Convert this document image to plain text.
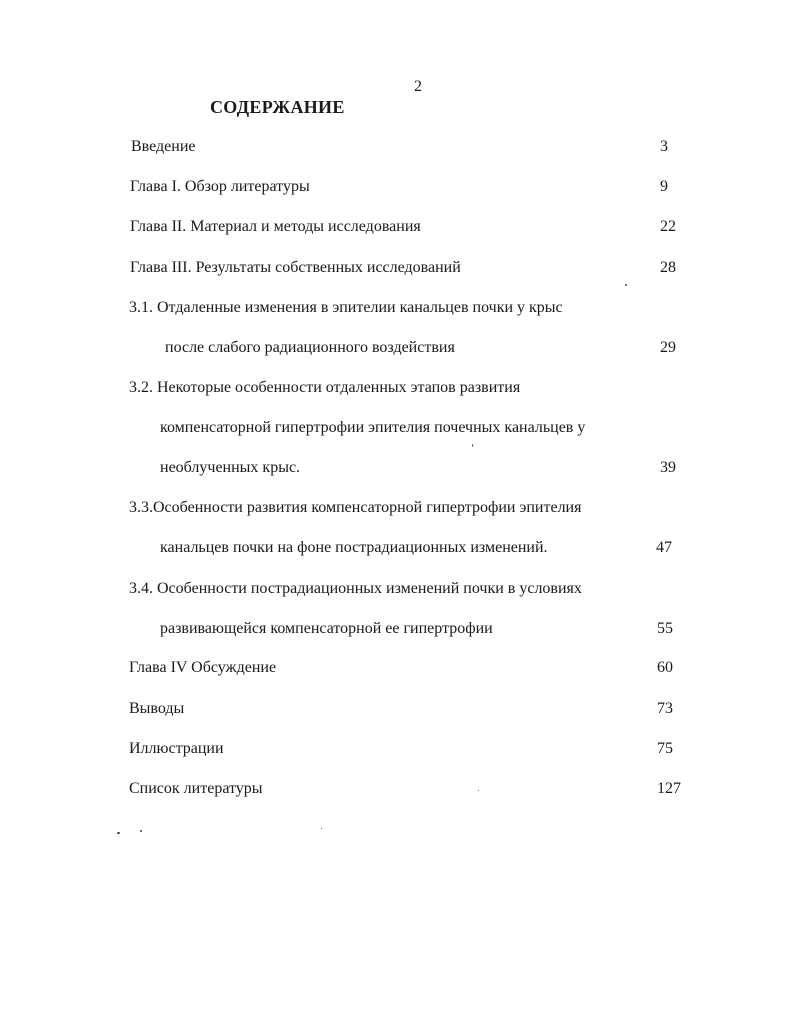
2
СОДЕРЖАНИЕ
Введение	3
Глава I. Обзор литературы	9
Глава II. Материал и методы исследования	22
Глава III. Результаты собственных исследований	28
3.1. Отдаленные изменения в эпителии канальцев почки у крыс
после слабого радиационного воздействия	29
3.2. Некоторые особенности отдаленных этапов развития
компенсаторной гипертрофии эпителия почечных канальцев у
необлученных крыс.	39
3.3.Особенности развития компенсаторной гипертрофии эпителия
канальцев почки на фоне пострадиационных изменений.	47
3.4. Особенности пострадиационных изменений почки в условиях
развивающейся компенсаторной ее гипертрофии	55
Глава IV Обсуждение	60
Выводы	73
Иллюстрации	75
Список литературы	127
